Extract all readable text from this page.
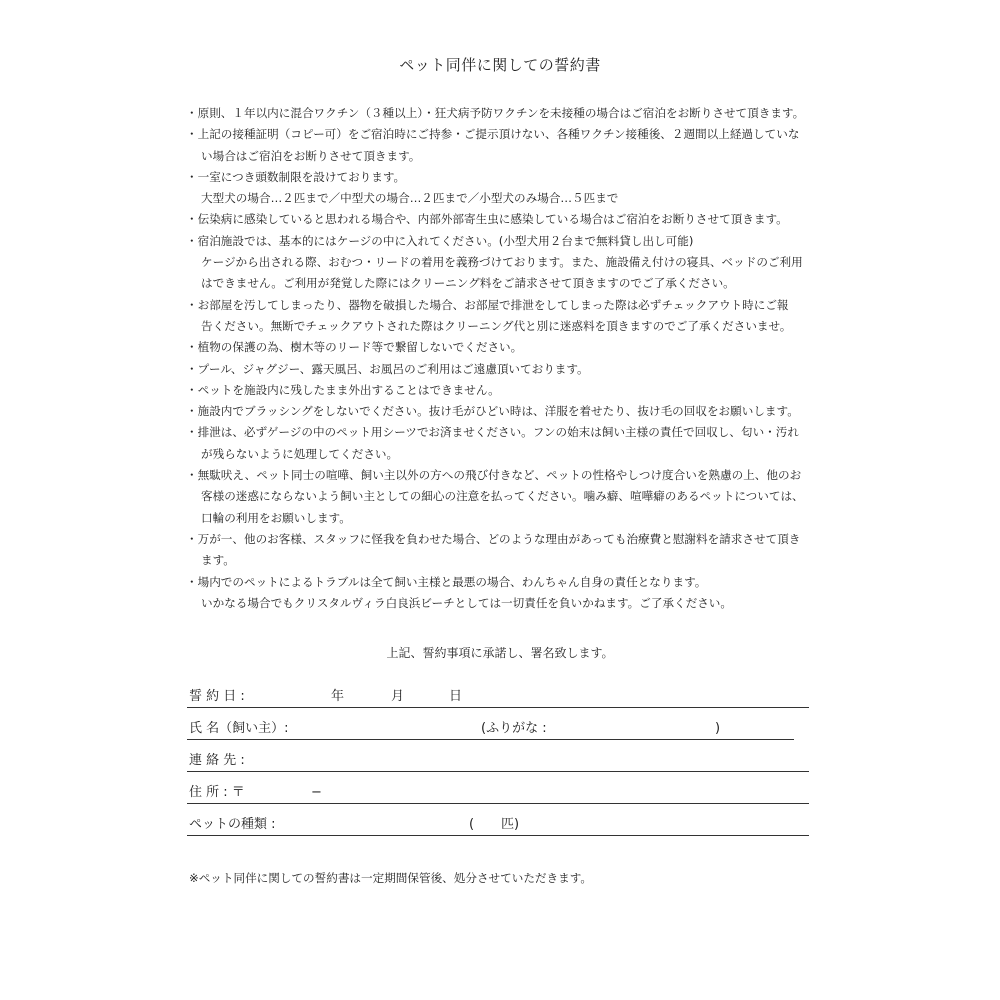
ペット同伴に関しての誓約書
・原則、１年以内に混合ワクチン（３種以上）・狂犬病予防ワクチンを未接種の場合はご宿泊をお断りさせて頂きます。
・上記の接種証明（コピー可）をご宿泊時にご持参・ご提示頂けない、各種ワクチン接種後、２週間以上経過していな
い場合はご宿泊をお断りさせて頂きます。
・一室につき頭数制限を設けております。
大型犬の場合…２匹まで／中型犬の場合…２匹まで／小型犬のみ場合…５匹まで
・伝染病に感染していると思われる場合や、内部外部寄生虫に感染している場合はご宿泊をお断りさせて頂きます。
・宿泊施設では、基本的にはケージの中に入れてください。(小型犬用２台まで無料貸し出し可能)
ケージから出される際、おむつ・リードの着用を義務づけております。また、施設備え付けの寝具、ベッドのご利用
はできません。ご利用が発覚した際にはクリーニング料をご請求させて頂きますのでご了承ください。
・お部屋を汚してしまったり、器物を破損した場合、お部屋で排泄をしてしまった際は必ずチェックアウト時にご報
告ください。無断でチェックアウトされた際はクリーニング代と別に迷惑料を頂きますのでご了承くださいませ。
・植物の保護の為、樹木等のリード等で繋留しないでください。
・プール、ジャグジー、露天風呂、お風呂のご利用はご遠慮頂いております。
・ペットを施設内に残したまま外出することはできません。
・施設内でブラッシングをしないでください。抜け毛がひどい時は、洋服を着せたり、抜け毛の回収をお願いします。
・排泄は、必ずゲージの中のペット用シーツでお済ませください。フンの始末は飼い主様の責任で回収し、匂い・汚れ
が残らないように処理してください。
・無駄吠え、ペット同士の喧嘩、飼い主以外の方への飛び付きなど、ペットの性格やしつけ度合いを熟慮の上、他のお
客様の迷惑にならないよう飼い主としての細心の注意を払ってください。噛み癖、喧嘩癖のあるペットについては、
口輪の利用をお願いします。
・万が一、他のお客様、スタッフに怪我を負わせた場合、どのような理由があっても治療費と慰謝料を請求させて頂き
ます。
・場内でのペットによるトラブルは全て飼い主様と最悪の場合、わんちゃん自身の責任となります。
いかなる場合でもクリスタルヴィラ白良浜ビーチとしては一切責任を負いかねます。ご了承ください。
上記、誓約事項に承諾し、署名致します。
誓 約 日 :	年	月	日
氏 名（飼い主）:	(ふりがな :	)
連 絡 先 :
住 所 : 〒	−
ペットの種類 :	( 匹)
※ペット同伴に関しての誓約書は一定期間保管後、処分させていただきます。
